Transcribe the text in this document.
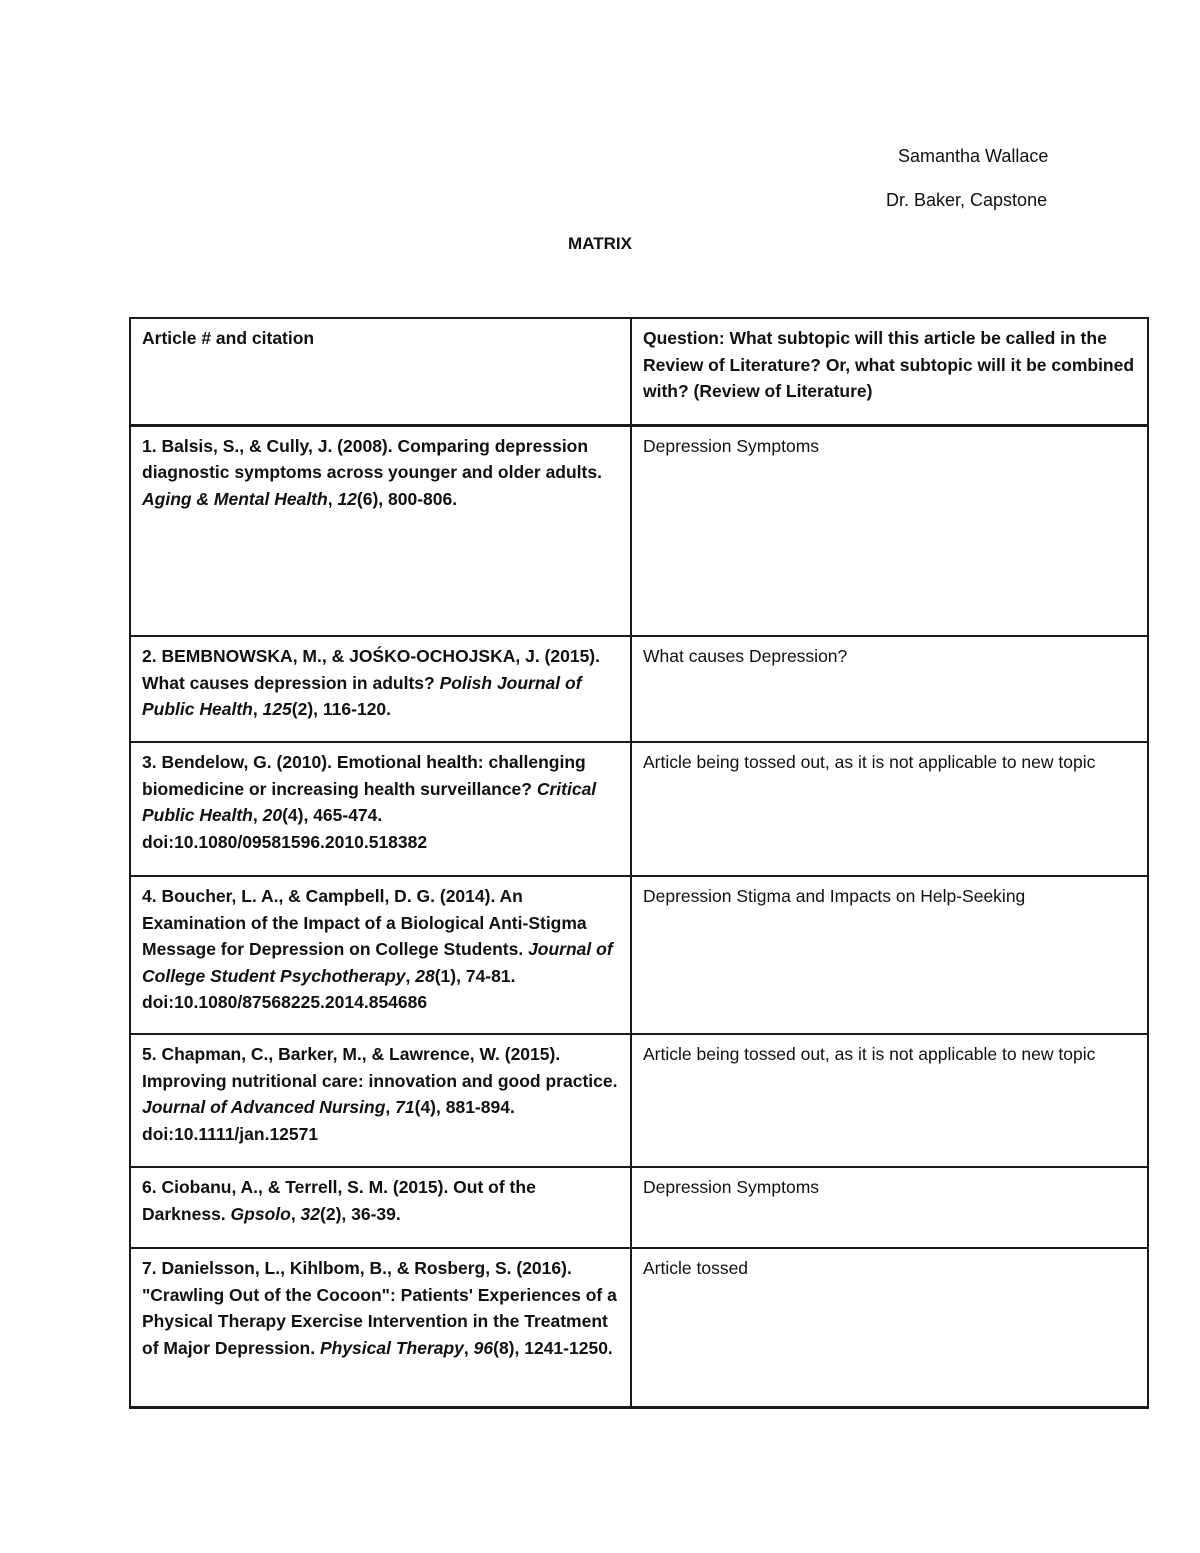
Samantha Wallace
Dr. Baker, Capstone
MATRIX
Article # and citation	Question: What subtopic will this article be called in the Review of Literature? Or, what subtopic will it be combined with? (Review of Literature)
1. Balsis, S., & Cully, J. (2008). Comparing depression diagnostic symptoms across younger and older adults. Aging & Mental Health, 12(6), 800-806.	Depression Symptoms
2. BEMBNOWSKA, M., & JOŚKO-OCHOJSKA, J. (2015). What causes depression in adults? Polish Journal of Public Health, 125(2), 116-120.	What causes Depression?
3. Bendelow, G. (2010). Emotional health: challenging biomedicine or increasing health surveillance? Critical Public Health, 20(4), 465-474. doi:10.1080/09581596.2010.518382	Article being tossed out, as it is not applicable to new topic
4. Boucher, L. A., & Campbell, D. G. (2014). An Examination of the Impact of a Biological Anti-Stigma Message for Depression on College Students. Journal of College Student Psychotherapy, 28(1), 74-81. doi:10.1080/87568225.2014.854686	Depression Stigma and Impacts on Help-Seeking
5. Chapman, C., Barker, M., & Lawrence, W. (2015). Improving nutritional care: innovation and good practice. Journal of Advanced Nursing, 71(4), 881-894. doi:10.1111/jan.12571	Article being tossed out, as it is not applicable to new topic
6. Ciobanu, A., & Terrell, S. M. (2015). Out of the Darkness. Gpsolo, 32(2), 36-39.	Depression Symptoms
7. Danielsson, L., Kihlbom, B., & Rosberg, S. (2016). "Crawling Out of the Cocoon": Patients' Experiences of a Physical Therapy Exercise Intervention in the Treatment of Major Depression. Physical Therapy, 96(8), 1241-1250.	Article tossed
